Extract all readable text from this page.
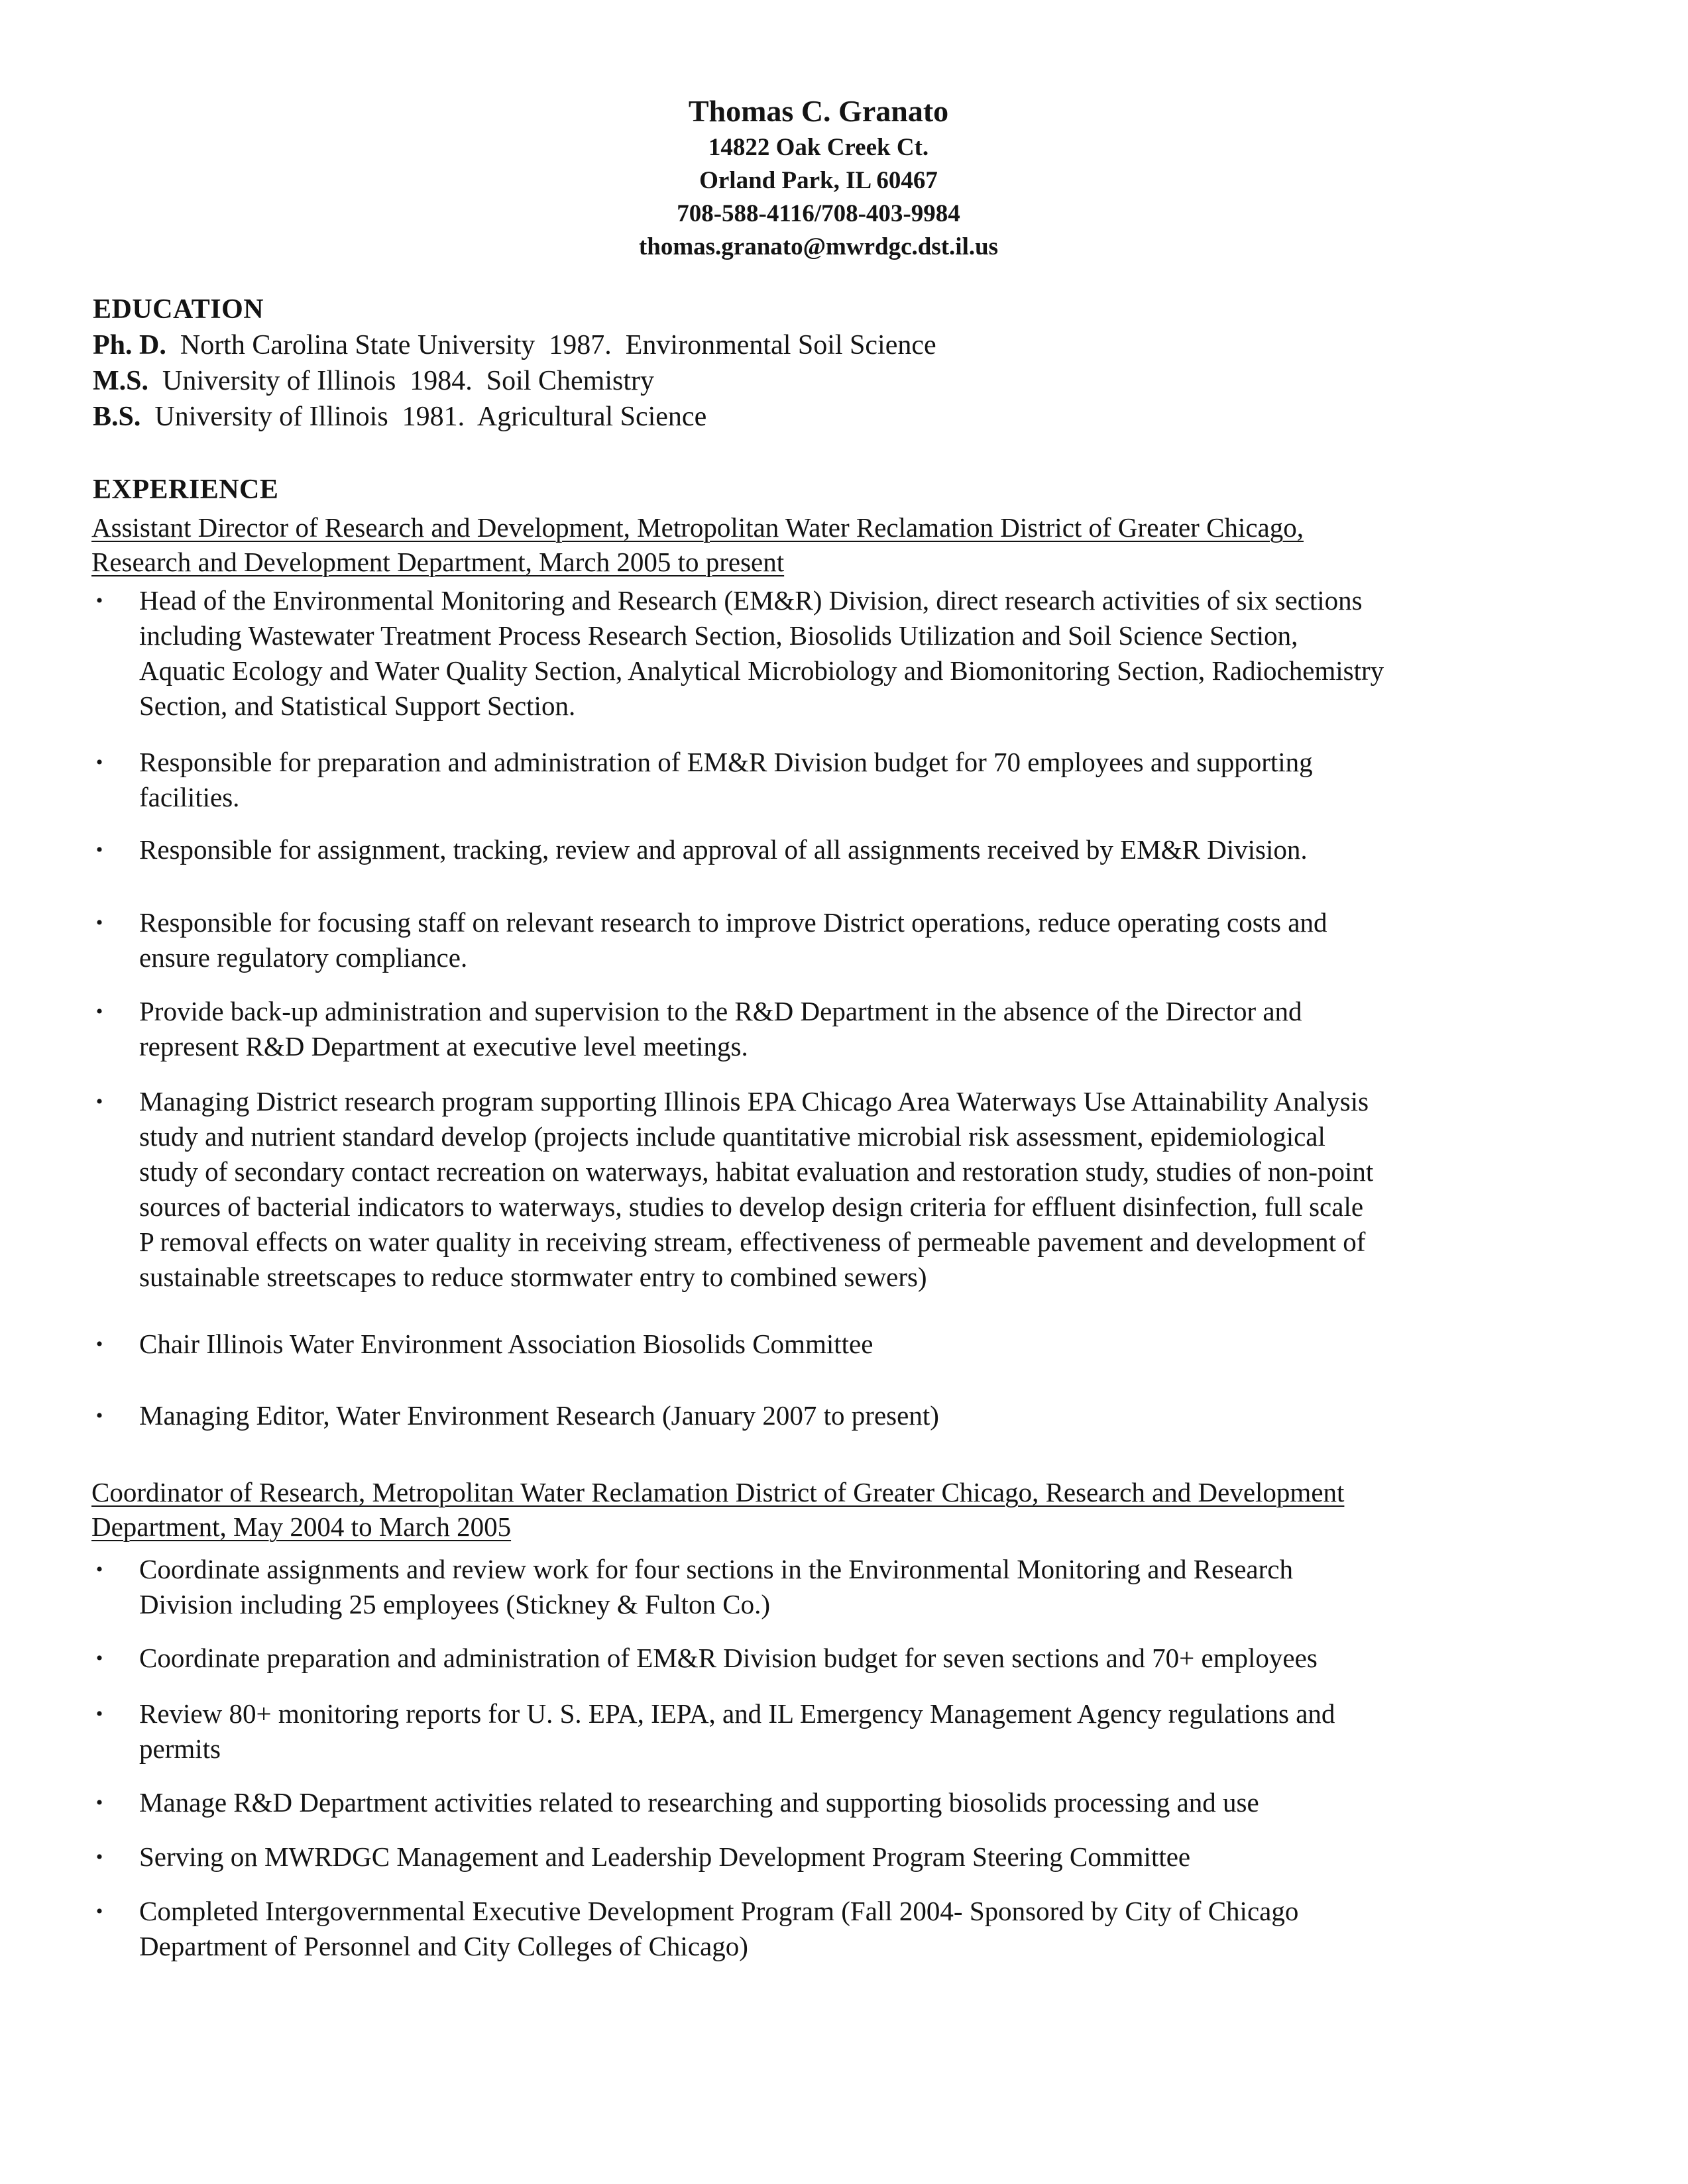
Thomas C. Granato
14822 Oak Creek Ct.
Orland Park, IL 60467
708-588-4116/708-403-9984
thomas.granato@mwrdgc.dst.il.us
EDUCATION
Ph. D.  North Carolina State University  1987.  Environmental Soil Science
M.S.  University of Illinois  1984.  Soil Chemistry
B.S.  University of Illinois  1981.  Agricultural Science
EXPERIENCE
Assistant Director of Research and Development, Metropolitan Water Reclamation District of Greater Chicago,
Research and Development Department, March 2005 to present
•	Head of the Environmental Monitoring and Research (EM&R) Division, direct research activities of six sections
including Wastewater Treatment Process Research Section, Biosolids Utilization and Soil Science Section,
Aquatic Ecology and Water Quality Section, Analytical Microbiology and Biomonitoring Section, Radiochemistry
Section, and Statistical Support Section.
•	Responsible for preparation and administration of EM&R Division budget for 70 employees and supporting
facilities.
•	Responsible for assignment, tracking, review and approval of all assignments received by EM&R Division.
•	Responsible for focusing staff on relevant research to improve District operations, reduce operating costs and
ensure regulatory compliance.
•	Provide back-up administration and supervision to the R&D Department in the absence of the Director and
represent R&D Department at executive level meetings.
•	Managing District research program supporting Illinois EPA Chicago Area Waterways Use Attainability Analysis
study and nutrient standard develop (projects include quantitative microbial risk assessment, epidemiological
study of secondary contact recreation on waterways, habitat evaluation and restoration study, studies of non-point
sources of bacterial indicators to waterways, studies to develop design criteria for effluent disinfection, full scale
P removal effects on water quality in receiving stream, effectiveness of permeable pavement and development of
sustainable streetscapes to reduce stormwater entry to combined sewers)
•	Chair Illinois Water Environment Association Biosolids Committee
•	Managing Editor, Water Environment Research (January 2007 to present)
Coordinator of Research, Metropolitan Water Reclamation District of Greater Chicago, Research and Development
Department, May 2004 to March 2005
•	Coordinate assignments and review work for four sections in the Environmental Monitoring and Research
Division including 25 employees (Stickney & Fulton Co.)
•	Coordinate preparation and administration of EM&R Division budget for seven sections and 70+ employees
•	Review 80+ monitoring reports for U. S. EPA, IEPA, and IL Emergency Management Agency regulations and
permits
•	Manage R&D Department activities related to researching and supporting biosolids processing and use
•	Serving on MWRDGC Management and Leadership Development Program Steering Committee
•	Completed Intergovernmental Executive Development Program (Fall 2004- Sponsored by City of Chicago
Department of Personnel and City Colleges of Chicago)
